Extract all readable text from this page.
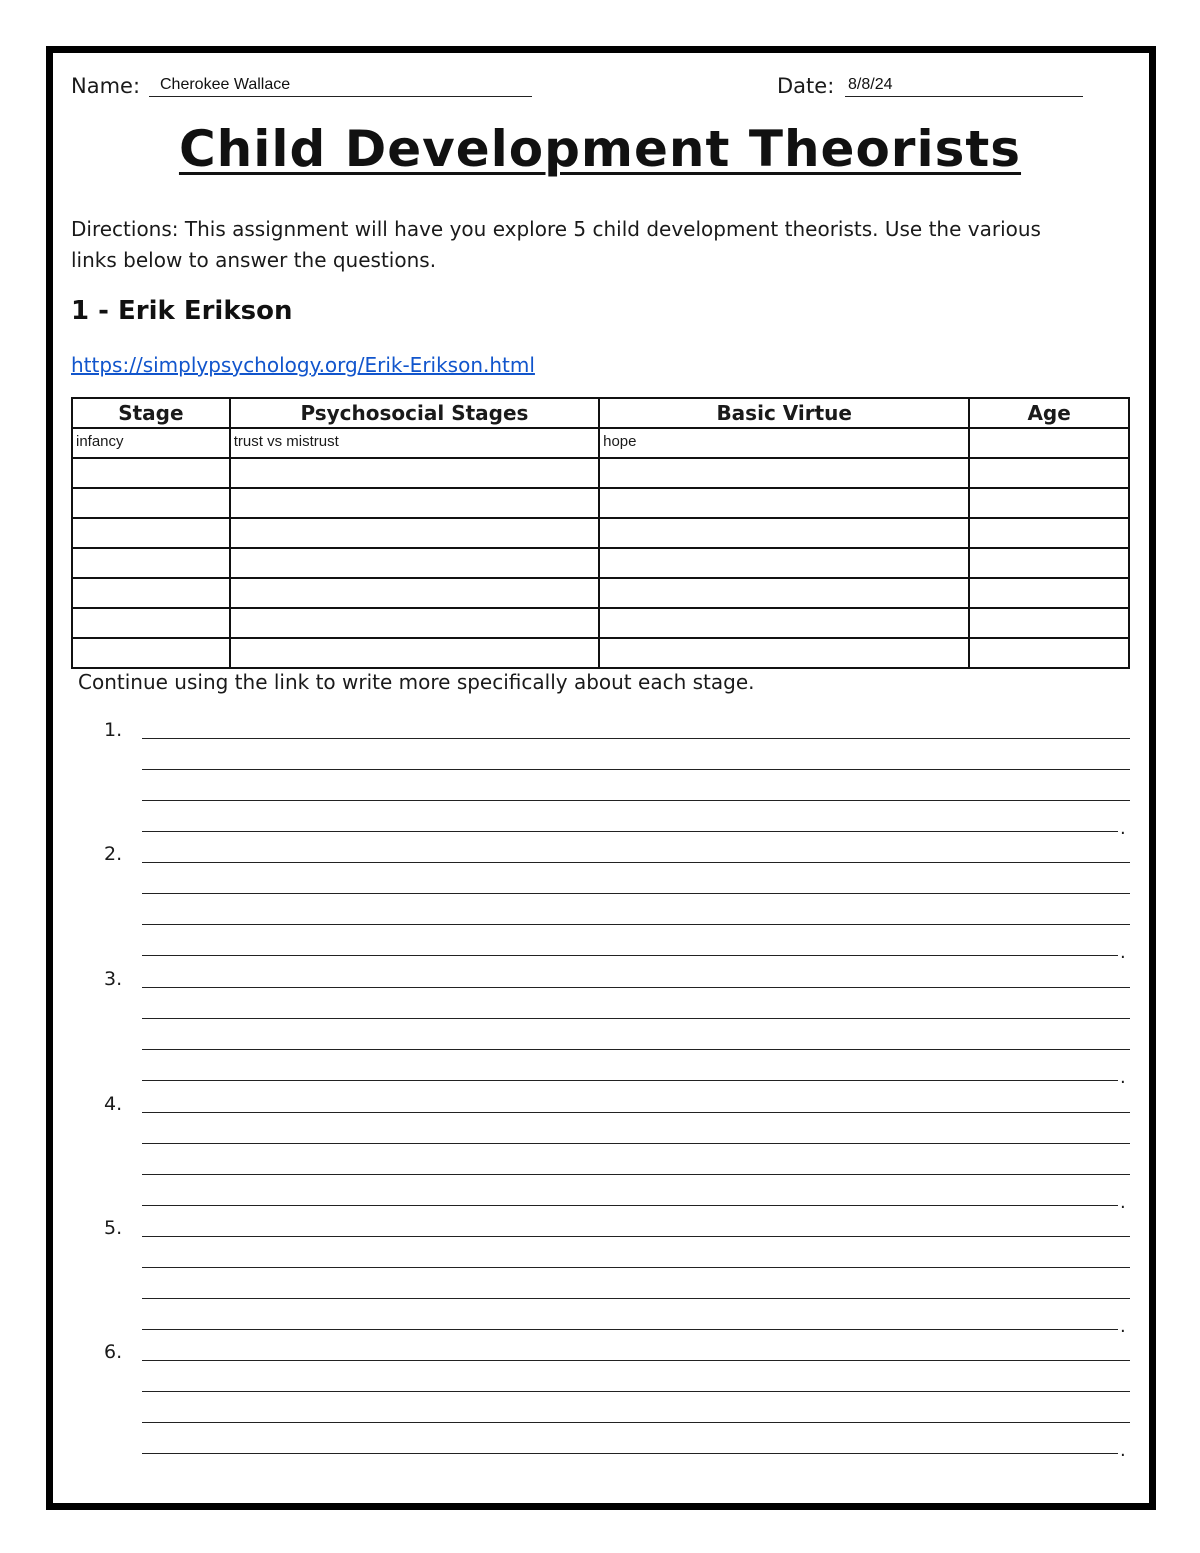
Name: Cherokee Wallace	Date: 8/8/24
Child Development Theorists
Directions: This assignment will have you explore 5 child development theorists. Use the various links below to answer the questions.
1 - Erik Erikson
https://simplypsychology.org/Erik-Erikson.html
Stage	Psychosocial Stages	Basic Virtue	Age
infancy	trust vs mistrust	hope	

Continue using the link to write more specifically about each stage.
1.
.
2.
.
3.
.
4.
.
5.
.
6.
.
